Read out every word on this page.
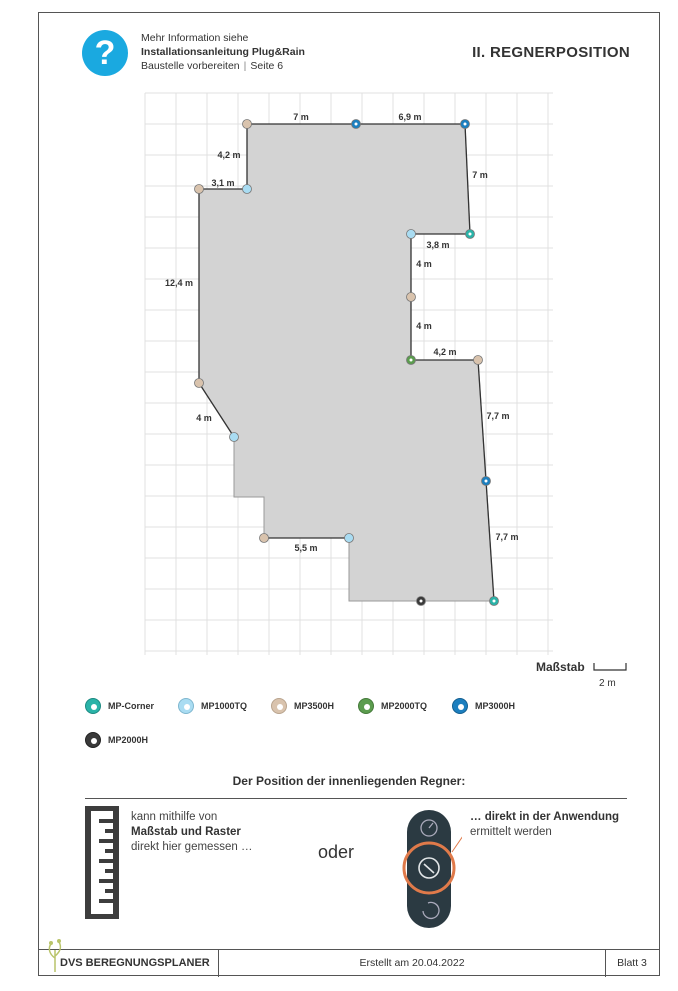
?	Mehr Information siehe
Installationsanleitung Plug&Rain
Baustelle vorbereiten | Seite 6
II. REGNERPOSITION
7 m	6,9 m
4,2 m
3,1 m
7 m
3,8 m
4 m
12,4 m
4 m
4,2 m
4 m
7,7 m
7,7 m
5,5 m
Maßstab
2 m
MP-Corner	MP1000TQ	MP3500H	MP2000TQ	MP3000H
MP2000H
Der Position der innenliegenden Regner:
kann mithilfe von
Maßstab und Raster
direkt hier gemessen …	oder
… direkt in der Anwendung
ermittelt werden
DVS BEREGNUNGSPLANER	Erstellt am 20.04.2022	Blatt 3
